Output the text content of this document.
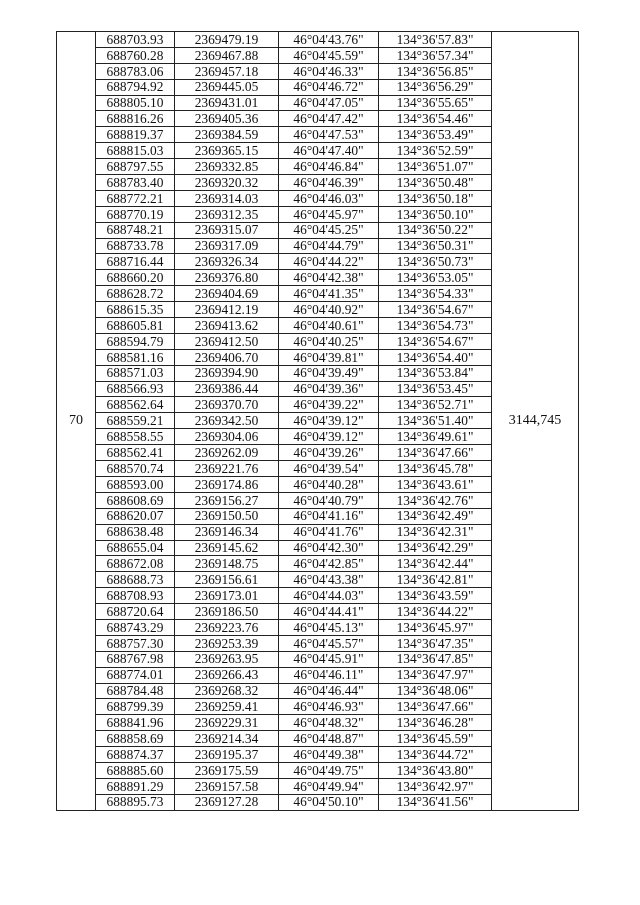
70	688703.93	2369479.19	46°04'43.76"	134°36'57.83"	3144,745
	688760.28	2369467.88	46°04'45.59"	134°36'57.34"	
	688783.06	2369457.18	46°04'46.33"	134°36'56.85"	
	688794.92	2369445.05	46°04'46.72"	134°36'56.29"	
	688805.10	2369431.01	46°04'47.05"	134°36'55.65"	
	688816.26	2369405.36	46°04'47.42"	134°36'54.46"	
	688819.37	2369384.59	46°04'47.53"	134°36'53.49"	
	688815.03	2369365.15	46°04'47.40"	134°36'52.59"	
	688797.55	2369332.85	46°04'46.84"	134°36'51.07"	
	688783.40	2369320.32	46°04'46.39"	134°36'50.48"	
	688772.21	2369314.03	46°04'46.03"	134°36'50.18"	
	688770.19	2369312.35	46°04'45.97"	134°36'50.10"	
	688748.21	2369315.07	46°04'45.25"	134°36'50.22"	
	688733.78	2369317.09	46°04'44.79"	134°36'50.31"	
	688716.44	2369326.34	46°04'44.22"	134°36'50.73"	
	688660.20	2369376.80	46°04'42.38"	134°36'53.05"	
	688628.72	2369404.69	46°04'41.35"	134°36'54.33"	
	688615.35	2369412.19	46°04'40.92"	134°36'54.67"	
	688605.81	2369413.62	46°04'40.61"	134°36'54.73"	
	688594.79	2369412.50	46°04'40.25"	134°36'54.67"	
	688581.16	2369406.70	46°04'39.81"	134°36'54.40"	
	688571.03	2369394.90	46°04'39.49"	134°36'53.84"	
	688566.93	2369386.44	46°04'39.36"	134°36'53.45"	
	688562.64	2369370.70	46°04'39.22"	134°36'52.71"	
	688559.21	2369342.50	46°04'39.12"	134°36'51.40"	
	688558.55	2369304.06	46°04'39.12"	134°36'49.61"	
	688562.41	2369262.09	46°04'39.26"	134°36'47.66"	
	688570.74	2369221.76	46°04'39.54"	134°36'45.78"	
	688593.00	2369174.86	46°04'40.28"	134°36'43.61"	
	688608.69	2369156.27	46°04'40.79"	134°36'42.76"	
	688620.07	2369150.50	46°04'41.16"	134°36'42.49"	
	688638.48	2369146.34	46°04'41.76"	134°36'42.31"	
	688655.04	2369145.62	46°04'42.30"	134°36'42.29"	
	688672.08	2369148.75	46°04'42.85"	134°36'42.44"	
	688688.73	2369156.61	46°04'43.38"	134°36'42.81"	
	688708.93	2369173.01	46°04'44.03"	134°36'43.59"	
	688720.64	2369186.50	46°04'44.41"	134°36'44.22"	
	688743.29	2369223.76	46°04'45.13"	134°36'45.97"	
	688757.30	2369253.39	46°04'45.57"	134°36'47.35"	
	688767.98	2369263.95	46°04'45.91"	134°36'47.85"	
	688774.01	2369266.43	46°04'46.11"	134°36'47.97"	
	688784.48	2369268.32	46°04'46.44"	134°36'48.06"	
	688799.39	2369259.41	46°04'46.93"	134°36'47.66"	
	688841.96	2369229.31	46°04'48.32"	134°36'46.28"	
	688858.69	2369214.34	46°04'48.87"	134°36'45.59"	
	688874.37	2369195.37	46°04'49.38"	134°36'44.72"	
	688885.60	2369175.59	46°04'49.75"	134°36'43.80"	
	688891.29	2369157.58	46°04'49.94"	134°36'42.97"	
	688895.73	2369127.28	46°04'50.10"	134°36'41.56"	
